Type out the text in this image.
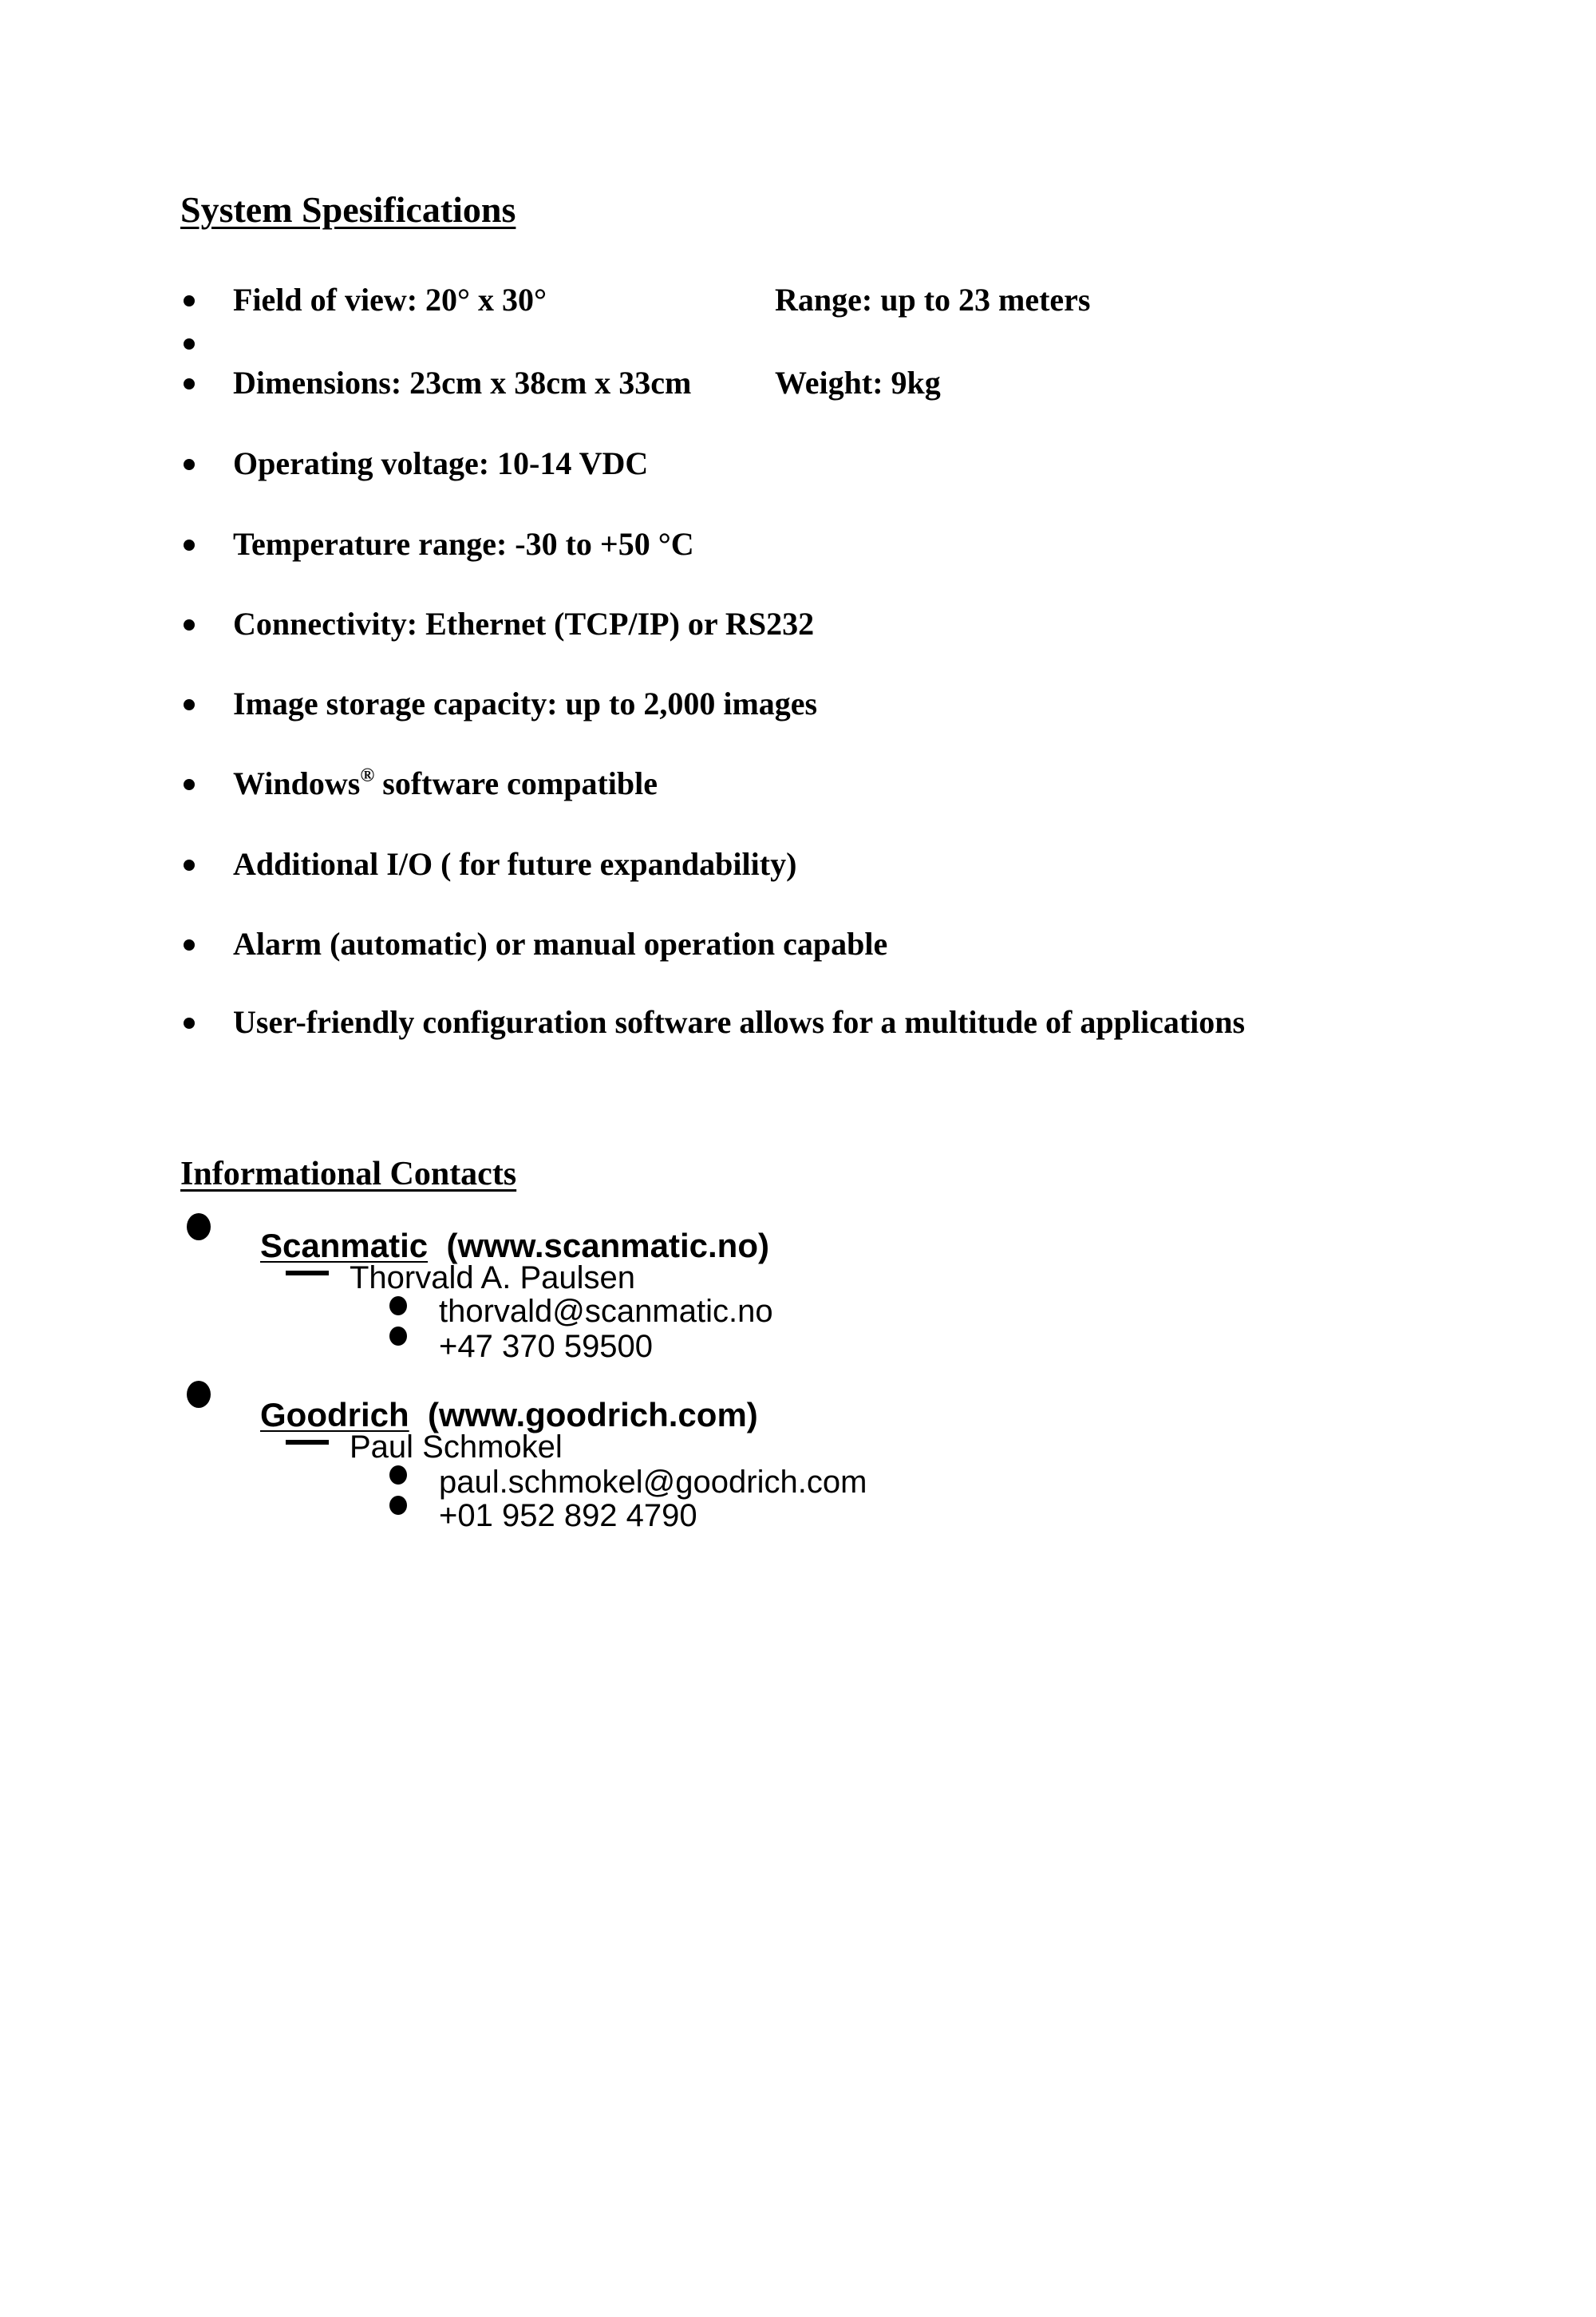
System Spesifications
Field of view: 20° x 30°	Range: up to 23 meters
Dimensions: 23cm x 38cm x 33cm	Weight: 9kg
Operating voltage: 10-14 VDC
Temperature range: -30 to +50 °C
Connectivity: Ethernet (TCP/IP) or RS232
Image storage capacity: up to 2,000 images
Windows® software compatible
Additional I/O ( for future expandability)
Alarm (automatic) or manual operation capable
User-friendly configuration software allows for a multitude of applications
Informational Contacts
Scanmatic (www.scanmatic.no)
Thorvald A. Paulsen
thorvald@scanmatic.no
+47 370 59500
Goodrich (www.goodrich.com)
Paul Schmokel
paul.schmokel@goodrich.com
+01 952 892 4790
